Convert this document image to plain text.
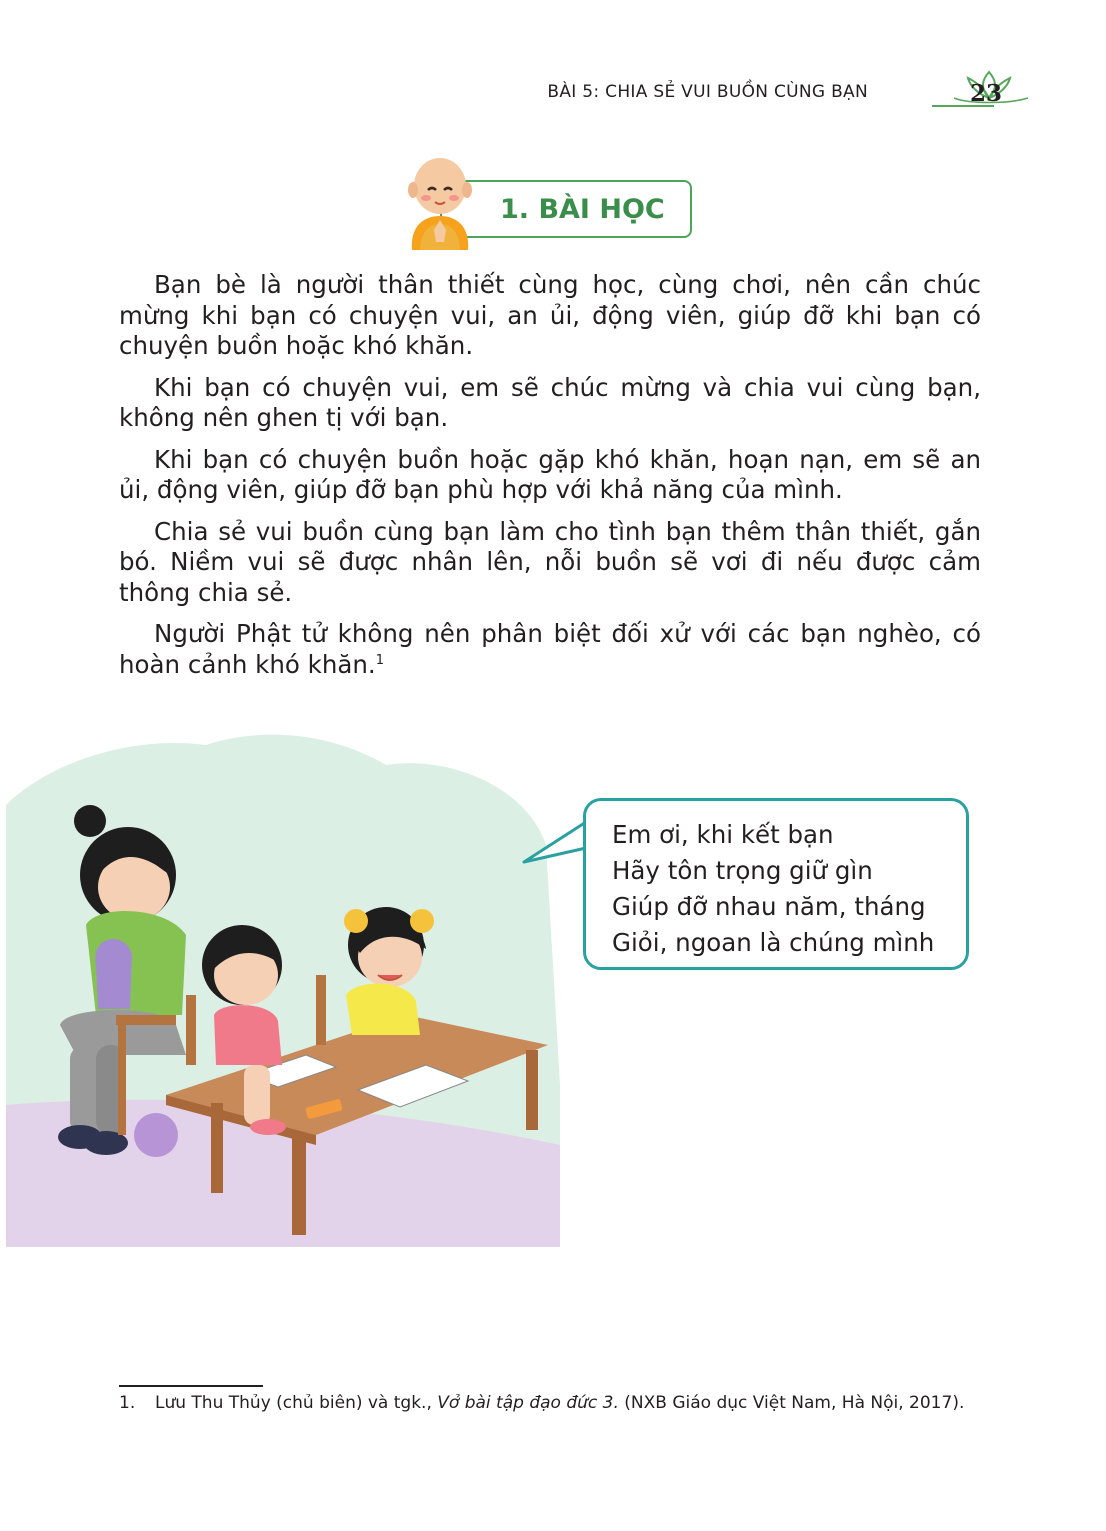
BÀI 5: CHIA SẺ VUI BUỒN CÙNG BẠN	23
1. BÀI HỌC

Bạn bè là người thân thiết cùng học, cùng chơi, nên cần chúc mừng khi bạn có chuyện vui, an ủi, động viên, giúp đỡ khi bạn có chuyện buồn hoặc khó khăn.

Khi bạn có chuyện vui, em sẽ chúc mừng và chia vui cùng bạn, không nên ghen tị với bạn.

Khi bạn có chuyện buồn hoặc gặp khó khăn, hoạn nạn, em sẽ an ủi, động viên, giúp đỡ bạn phù hợp với khả năng của mình.

Chia sẻ vui buồn cùng bạn làm cho tình bạn thêm thân thiết, gắn bó. Niềm vui sẽ được nhân lên, nỗi buồn sẽ vơi đi nếu được cảm thông chia sẻ.

Người Phật tử không nên phân biệt đối xử với các bạn nghèo, có hoàn cảnh khó khăn.$^1$

Em ơi, khi kết bạn
Hãy tôn trọng giữ gìn
Giúp đỡ nhau năm, tháng
Giỏi, ngoan là chúng mình
1. Lưu Thu Thủy (chủ biên) và tgk., Vở bài tập đạo đức 3. (NXB Giáo dục Việt Nam, Hà Nội, 2017).
